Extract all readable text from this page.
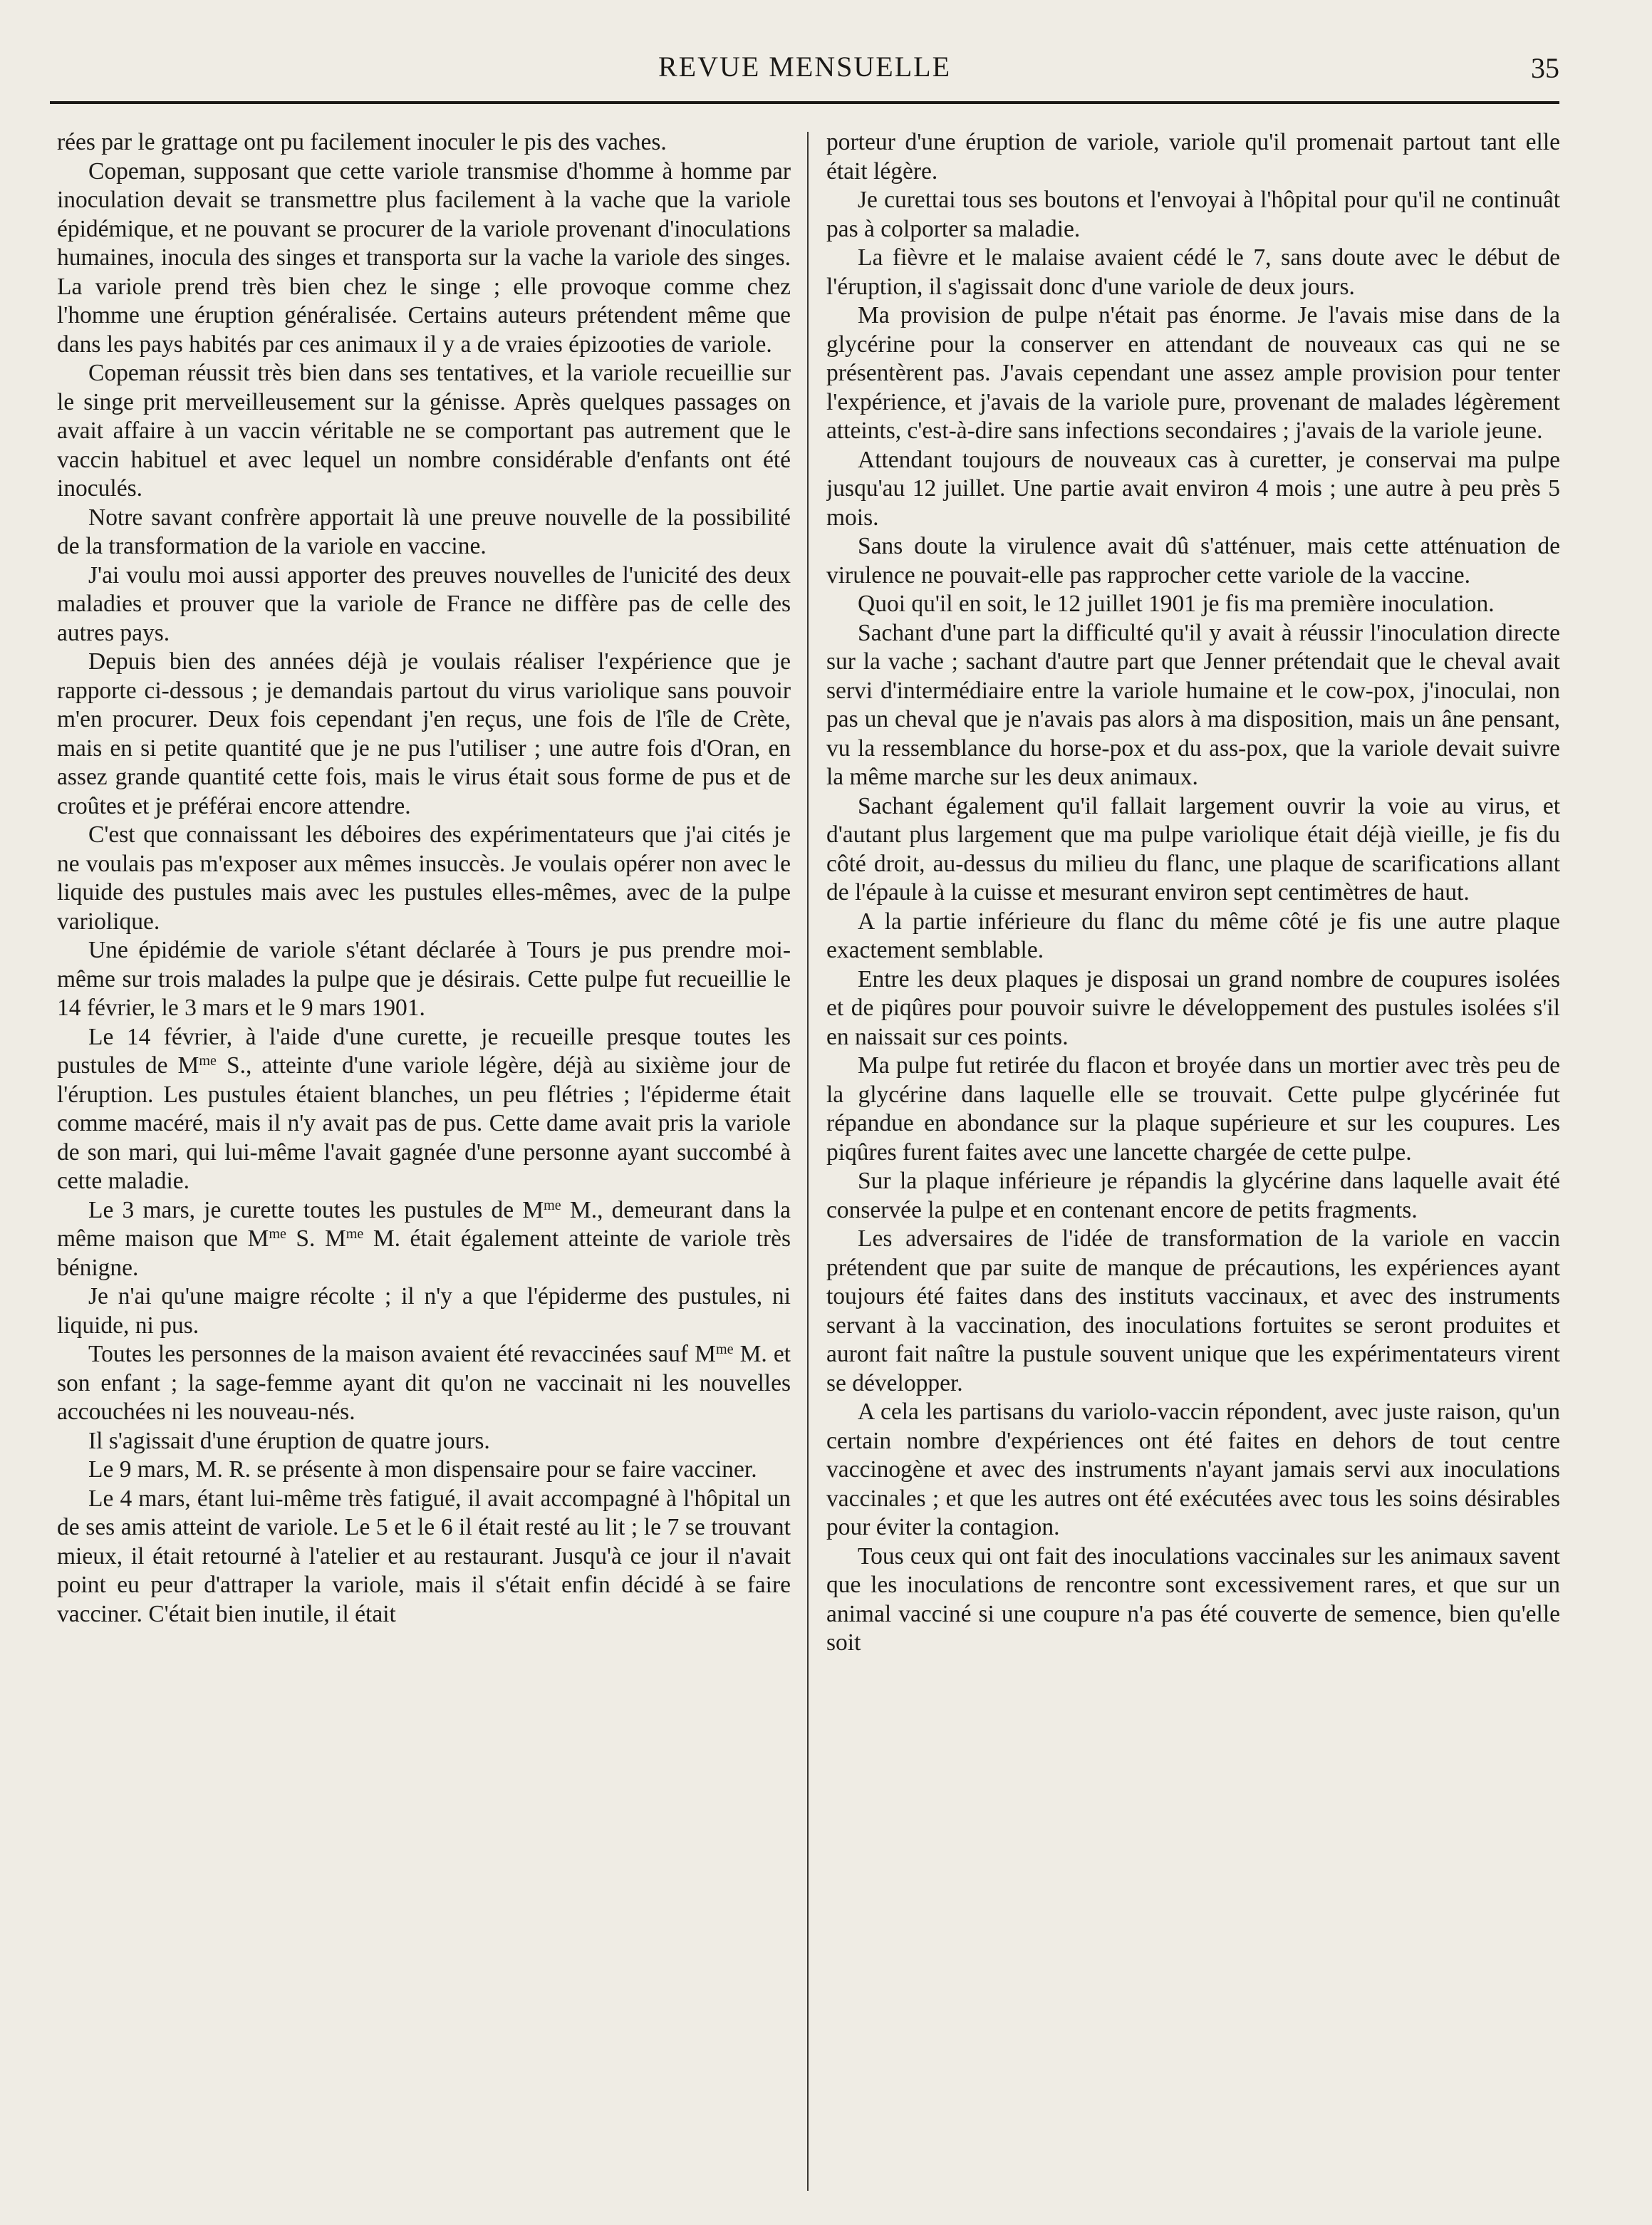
REVUE MENSUELLE	35

rées par le grattage ont pu facilement inoculer le pis des vaches.

Copeman, supposant que cette variole transmise d'homme à homme par inoculation devait se transmettre plus facilement à la vache que la variole épidémique, et ne pouvant se procurer de la variole provenant d'inoculations humaines, inocula des singes et transporta sur la vache la variole des singes. La variole prend très bien chez le singe ; elle provoque comme chez l'homme une éruption généralisée. Certains auteurs prétendent même que dans les pays habités par ces animaux il y a de vraies épizooties de variole.

Copeman réussit très bien dans ses tentatives, et la variole recueillie sur le singe prit merveilleusement sur la génisse. Après quelques passages on avait affaire à un vaccin véritable ne se comportant pas autrement que le vaccin habituel et avec lequel un nombre considérable d'enfants ont été inoculés.

Notre savant confrère apportait là une preuve nouvelle de la possibilité de la transformation de la variole en vaccine.

J'ai voulu moi aussi apporter des preuves nouvelles de l'unicité des deux maladies et prouver que la variole de France ne diffère pas de celle des autres pays.

Depuis bien des années déjà je voulais réaliser l'expérience que je rapporte ci-dessous ; je demandais partout du virus variolique sans pouvoir m'en procurer. Deux fois cependant j'en reçus, une fois de l'île de Crète, mais en si petite quantité que je ne pus l'utiliser ; une autre fois d'Oran, en assez grande quantité cette fois, mais le virus était sous forme de pus et de croûtes et je préférai encore attendre.

C'est que connaissant les déboires des expérimentateurs que j'ai cités je ne voulais pas m'exposer aux mêmes insuccès. Je voulais opérer non avec le liquide des pustules mais avec les pustules elles-mêmes, avec de la pulpe variolique.

Une épidémie de variole s'étant déclarée à Tours je pus prendre moi-même sur trois malades la pulpe que je désirais. Cette pulpe fut recueillie le 14 février, le 3 mars et le 9 mars 1901.

Le 14 février, à l'aide d'une curette, je recueille presque toutes les pustules de $M^{me}$ S., atteinte d'une variole légère, déjà au sixième jour de l'éruption. Les pustules étaient blanches, un peu flétries ; l'épiderme était comme macéré, mais il n'y avait pas de pus. Cette dame avait pris la variole de son mari, qui lui-même l'avait gagnée d'une personne ayant succombé à cette maladie.

Le 3 mars, je curette toutes les pustules de $M^{me}$ M., demeurant dans la même maison que $M^{me}$ S. $M^{me}$ M. était également atteinte de variole très bénigne.

Je n'ai qu'une maigre récolte ; il n'y a que l'épiderme des pustules, ni liquide, ni pus.

Toutes les personnes de la maison avaient été revaccinées sauf $M^{me}$ M. et son enfant ; la sage-femme ayant dit qu'on ne vaccinait ni les nouvelles accouchées ni les nouveau-nés.

Il s'agissait d'une éruption de quatre jours.

Le 9 mars, M. R. se présente à mon dispensaire pour se faire vacciner.

Le 4 mars, étant lui-même très fatigué, il avait accompagné à l'hôpital un de ses amis atteint de variole. Le 5 et le 6 il était resté au lit ; le 7 se trouvant mieux, il était retourné à l'atelier et au restaurant. Jusqu'à ce jour il n'avait point eu peur d'attraper la variole, mais il s'était enfin décidé à se faire vacciner. C'était bien inutile, il était

porteur d'une éruption de variole, variole qu'il promenait partout tant elle était légère.

Je curettai tous ses boutons et l'envoyai à l'hôpital pour qu'il ne continuât pas à colporter sa maladie.

La fièvre et le malaise avaient cédé le 7, sans doute avec le début de l'éruption, il s'agissait donc d'une variole de deux jours.

Ma provision de pulpe n'était pas énorme. Je l'avais mise dans de la glycérine pour la conserver en attendant de nouveaux cas qui ne se présentèrent pas. J'avais cependant une assez ample provision pour tenter l'expérience, et j'avais de la variole pure, provenant de malades légèrement atteints, c'est-à-dire sans infections secondaires ; j'avais de la variole jeune.

Attendant toujours de nouveaux cas à curetter, je conservai ma pulpe jusqu'au 12 juillet. Une partie avait environ 4 mois ; une autre à peu près 5 mois.

Sans doute la virulence avait dû s'atténuer, mais cette atténuation de virulence ne pouvait-elle pas rapprocher cette variole de la vaccine.

Quoi qu'il en soit, le 12 juillet 1901 je fis ma première inoculation.

Sachant d'une part la difficulté qu'il y avait à réussir l'inoculation directe sur la vache ; sachant d'autre part que Jenner prétendait que le cheval avait servi d'intermédiaire entre la variole humaine et le cow-pox, j'inoculai, non pas un cheval que je n'avais pas alors à ma disposition, mais un âne pensant, vu la ressemblance du horse-pox et du ass-pox, que la variole devait suivre la même marche sur les deux animaux.

Sachant également qu'il fallait largement ouvrir la voie au virus, et d'autant plus largement que ma pulpe variolique était déjà vieille, je fis du côté droit, au-dessus du milieu du flanc, une plaque de scarifications allant de l'épaule à la cuisse et mesurant environ sept centimètres de haut.

A la partie inférieure du flanc du même côté je fis une autre plaque exactement semblable.

Entre les deux plaques je disposai un grand nombre de coupures isolées et de piqûres pour pouvoir suivre le développement des pustules isolées s'il en naissait sur ces points.

Ma pulpe fut retirée du flacon et broyée dans un mortier avec très peu de la glycérine dans laquelle elle se trouvait. Cette pulpe glycérinée fut répandue en abondance sur la plaque supérieure et sur les coupures. Les piqûres furent faites avec une lancette chargée de cette pulpe.

Sur la plaque inférieure je répandis la glycérine dans laquelle avait été conservée la pulpe et en contenant encore de petits fragments.

Les adversaires de l'idée de transformation de la variole en vaccin prétendent que par suite de manque de précautions, les expériences ayant toujours été faites dans des instituts vaccinaux, et avec des instruments servant à la vaccination, des inoculations fortuites se seront produites et auront fait naître la pustule souvent unique que les expérimentateurs virent se développer.

A cela les partisans du variolo-vaccin répondent, avec juste raison, qu'un certain nombre d'expériences ont été faites en dehors de tout centre vaccinogène et avec des instruments n'ayant jamais servi aux inoculations vaccinales ; et que les autres ont été exécutées avec tous les soins désirables pour éviter la contagion.

Tous ceux qui ont fait des inoculations vaccinales sur les animaux savent que les inoculations de rencontre sont excessivement rares, et que sur un animal vacciné si une coupure n'a pas été couverte de semence, bien qu'elle soit
